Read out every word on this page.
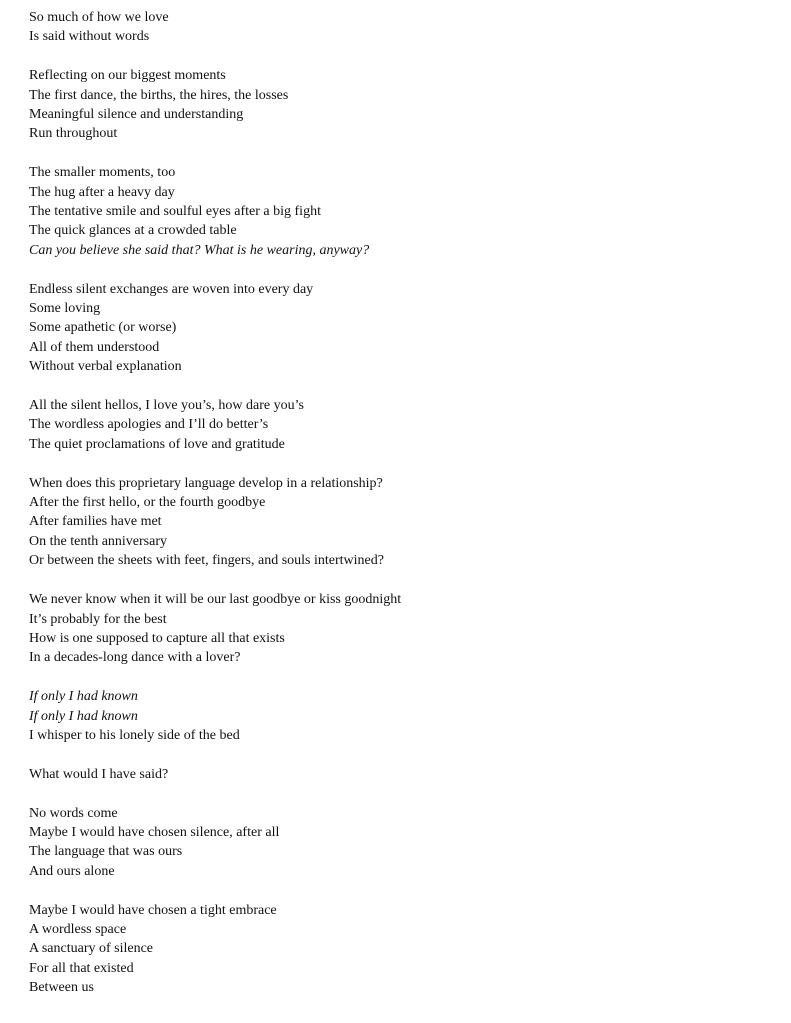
So much of how we love
Is said without words
Reflecting on our biggest moments
The first dance, the births, the hires, the losses
Meaningful silence and understanding
Run throughout
The smaller moments, too
The hug after a heavy day
The tentative smile and soulful eyes after a big fight
The quick glances at a crowded table
Can you believe she said that? What is he wearing, anyway?
Endless silent exchanges are woven into every day
Some loving
Some apathetic (or worse)
All of them understood
Without verbal explanation
All the silent hellos, I love you’s, how dare you’s
The wordless apologies and I’ll do better’s
The quiet proclamations of love and gratitude
When does this proprietary language develop in a relationship?
After the first hello, or the fourth goodbye
After families have met
On the tenth anniversary
Or between the sheets with feet, fingers, and souls intertwined?
We never know when it will be our last goodbye or kiss goodnight
It’s probably for the best
How is one supposed to capture all that exists
In a decades-long dance with a lover?
If only I had known
If only I had known
I whisper to his lonely side of the bed
What would I have said?
No words come
Maybe I would have chosen silence, after all
The language that was ours
And ours alone
Maybe I would have chosen a tight embrace
A wordless space
A sanctuary of silence
For all that existed
Between us
